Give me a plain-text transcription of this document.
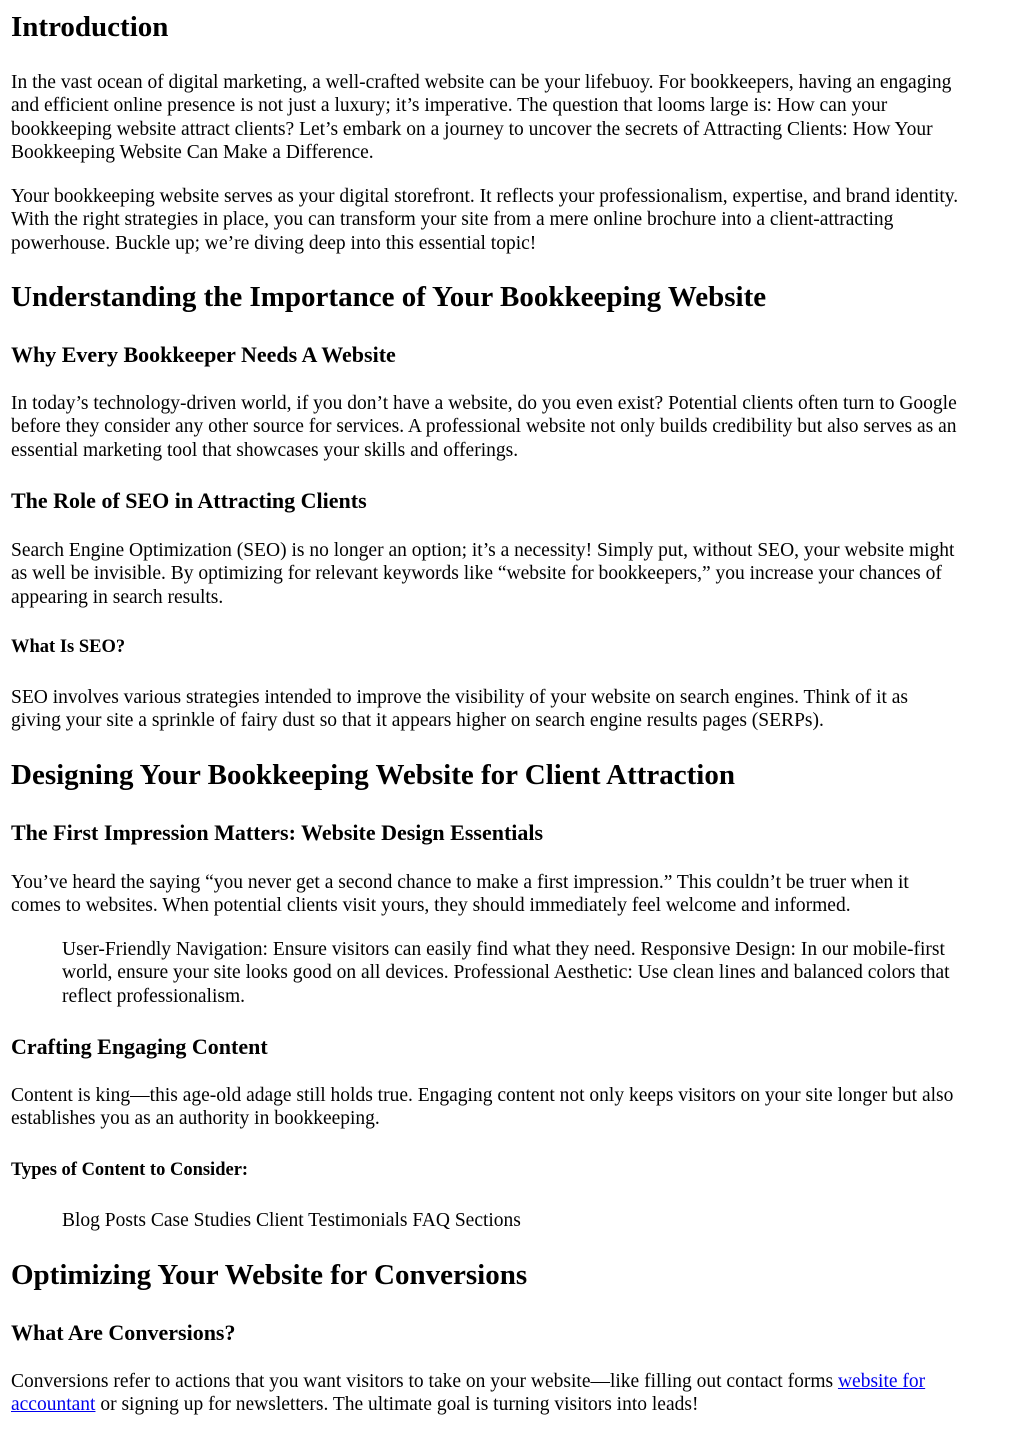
Introduction

In the vast ocean of digital marketing, a well-crafted website can be your lifebuoy. For bookkeepers, having an engaging
and efficient online presence is not just a luxury; it’s imperative. The question that looms large is: How can your
bookkeeping website attract clients? Let’s embark on a journey to uncover the secrets of Attracting Clients: How Your
Bookkeeping Website Can Make a Difference.

Your bookkeeping website serves as your digital storefront. It reflects your professionalism, expertise, and brand identity.
With the right strategies in place, you can transform your site from a mere online brochure into a client-attracting
powerhouse. Buckle up; we’re diving deep into this essential topic!

Understanding the Importance of Your Bookkeeping Website
Why Every Bookkeeper Needs A Website

In today’s technology-driven world, if you don’t have a website, do you even exist? Potential clients often turn to Google
before they consider any other source for services. A professional website not only builds credibility but also serves as an
essential marketing tool that showcases your skills and offerings.

The Role of SEO in Attracting Clients

Search Engine Optimization (SEO) is no longer an option; it’s a necessity! Simply put, without SEO, your website might
as well be invisible. By optimizing for relevant keywords like “website for bookkeepers,” you increase your chances of
appearing in search results.

What Is SEO?

SEO involves various strategies intended to improve the visibility of your website on search engines. Think of it as
giving your site a sprinkle of fairy dust so that it appears higher on search engine results pages (SERPs).

Designing Your Bookkeeping Website for Client Attraction
The First Impression Matters: Website Design Essentials

You’ve heard the saying “you never get a second chance to make a first impression.” This couldn’t be truer when it
comes to websites. When potential clients visit yours, they should immediately feel welcome and informed.

User-Friendly Navigation: Ensure visitors can easily find what they need. Responsive Design: In our mobile-first
world, ensure your site looks good on all devices. Professional Aesthetic: Use clean lines and balanced colors that
reflect professionalism.
Crafting Engaging Content

Content is king—this age-old adage still holds true. Engaging content not only keeps visitors on your site longer but also
establishes you as an authority in bookkeeping.

Types of Content to Consider:
Blog Posts Case Studies Client Testimonials FAQ Sections
Optimizing Your Website for Conversions
What Are Conversions?

Conversions refer to actions that you want visitors to take on your website—like filling out contact forms website for
accountant or signing up for newsletters. The ultimate goal is turning visitors into leads!
